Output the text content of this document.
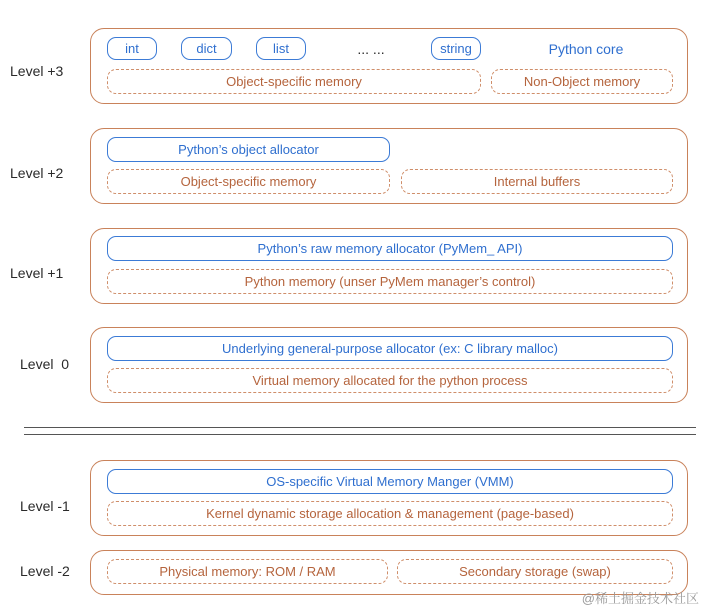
Level +3
int	dict	list	... ...	string	Python core
Object-specific memory	Non-Object memory
Level +2
Python’s object allocator
Object-specific memory	Internal buffers
Level +1
Python’s raw memory allocator (PyMem_ API)
Python memory (unser PyMem manager’s control)
Level  0
Underlying general-purpose allocator (ex: C library malloc)
Virtual memory allocated for the python process
Level -1
OS-specific Virtual Memory Manger (VMM)
Kernel dynamic storage allocation & management (page-based)
Level -2	Physical memory: ROM / RAM	Secondary storage (swap)
@稀土掘金技术社区
